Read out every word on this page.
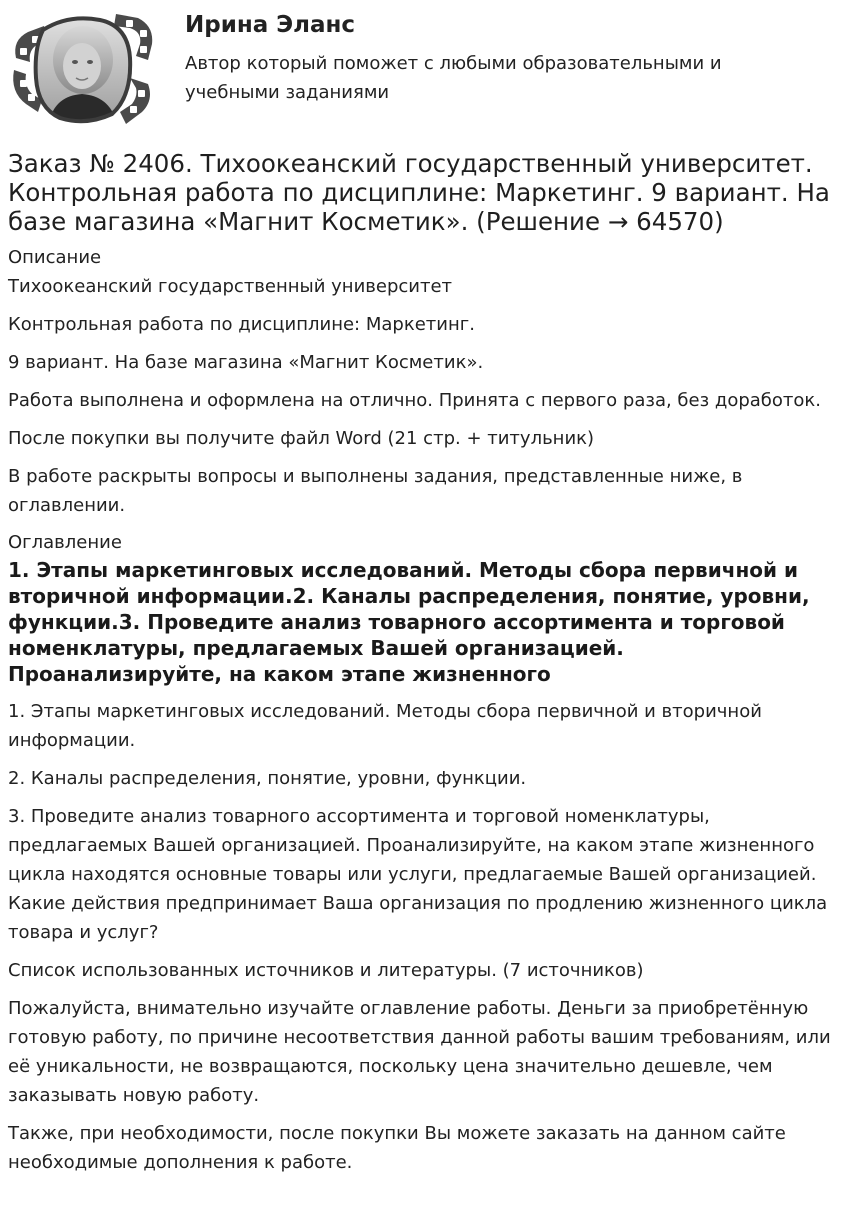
Ирина Эланс
Автор который поможет с любыми образовательными и учебными заданиями
Заказ № 2406. Тихоокеанский государственный университет. Контрольная работа по дисциплине: Маркетинг. 9 вариант. На базе магазина «Магнит Косметик». (Решение → 64570)

Описание

Тихоокеанский государственный университет

Контрольная работа по дисциплине: Маркетинг.

9 вариант. На базе магазина «Магнит Косметик».

Работа выполнена и оформлена на отлично. Принята с первого раза, без доработок.

После покупки вы получите файл Word (21 стр. + титульник)

В работе раскрыты вопросы и выполнены задания, представленные ниже, в оглавлении.

Оглавление

1. Этапы маркетинговых исследований. Методы сбора первичной и вторичной информации.2. Каналы распределения, понятие, уровни, функции.3. Проведите анализ товарного ассортимента и торговой номенклатуры, предлагаемых Вашей организацией. Проанализируйте, на каком этапе жизненного

1. Этапы маркетинговых исследований. Методы сбора первичной и вторичной информации.

2. Каналы распределения, понятие, уровни, функции.

3. Проведите анализ товарного ассортимента и торговой номенклатуры, предлагаемых Вашей организацией. Проанализируйте, на каком этапе жизненного цикла находятся основные товары или услуги, предлагаемые Вашей организацией. Какие действия предпринимает Ваша организация по продлению жизненного цикла товара и услуг?

Список использованных источников и литературы. (7 источников)

Пожалуйста, внимательно изучайте оглавление работы. Деньги за приобретённую готовую работу, по причине несоответствия данной работы вашим требованиям, или её уникальности, не возвращаются, поскольку цена значительно дешевле, чем заказывать новую работу.

Также, при необходимости, после покупки Вы можете заказать на данном сайте необходимые дополнения к работе.
